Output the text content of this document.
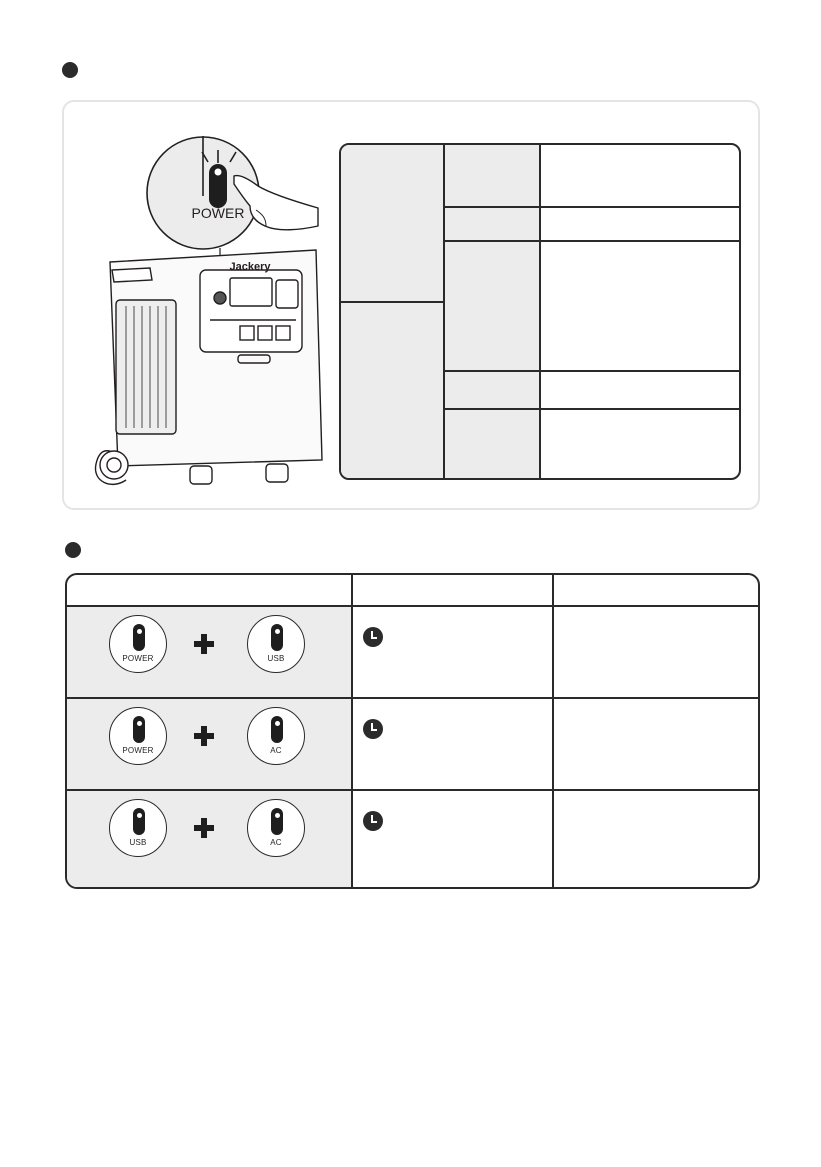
POWER
Jackery
POWER	USB
POWER	AC
USB	AC
